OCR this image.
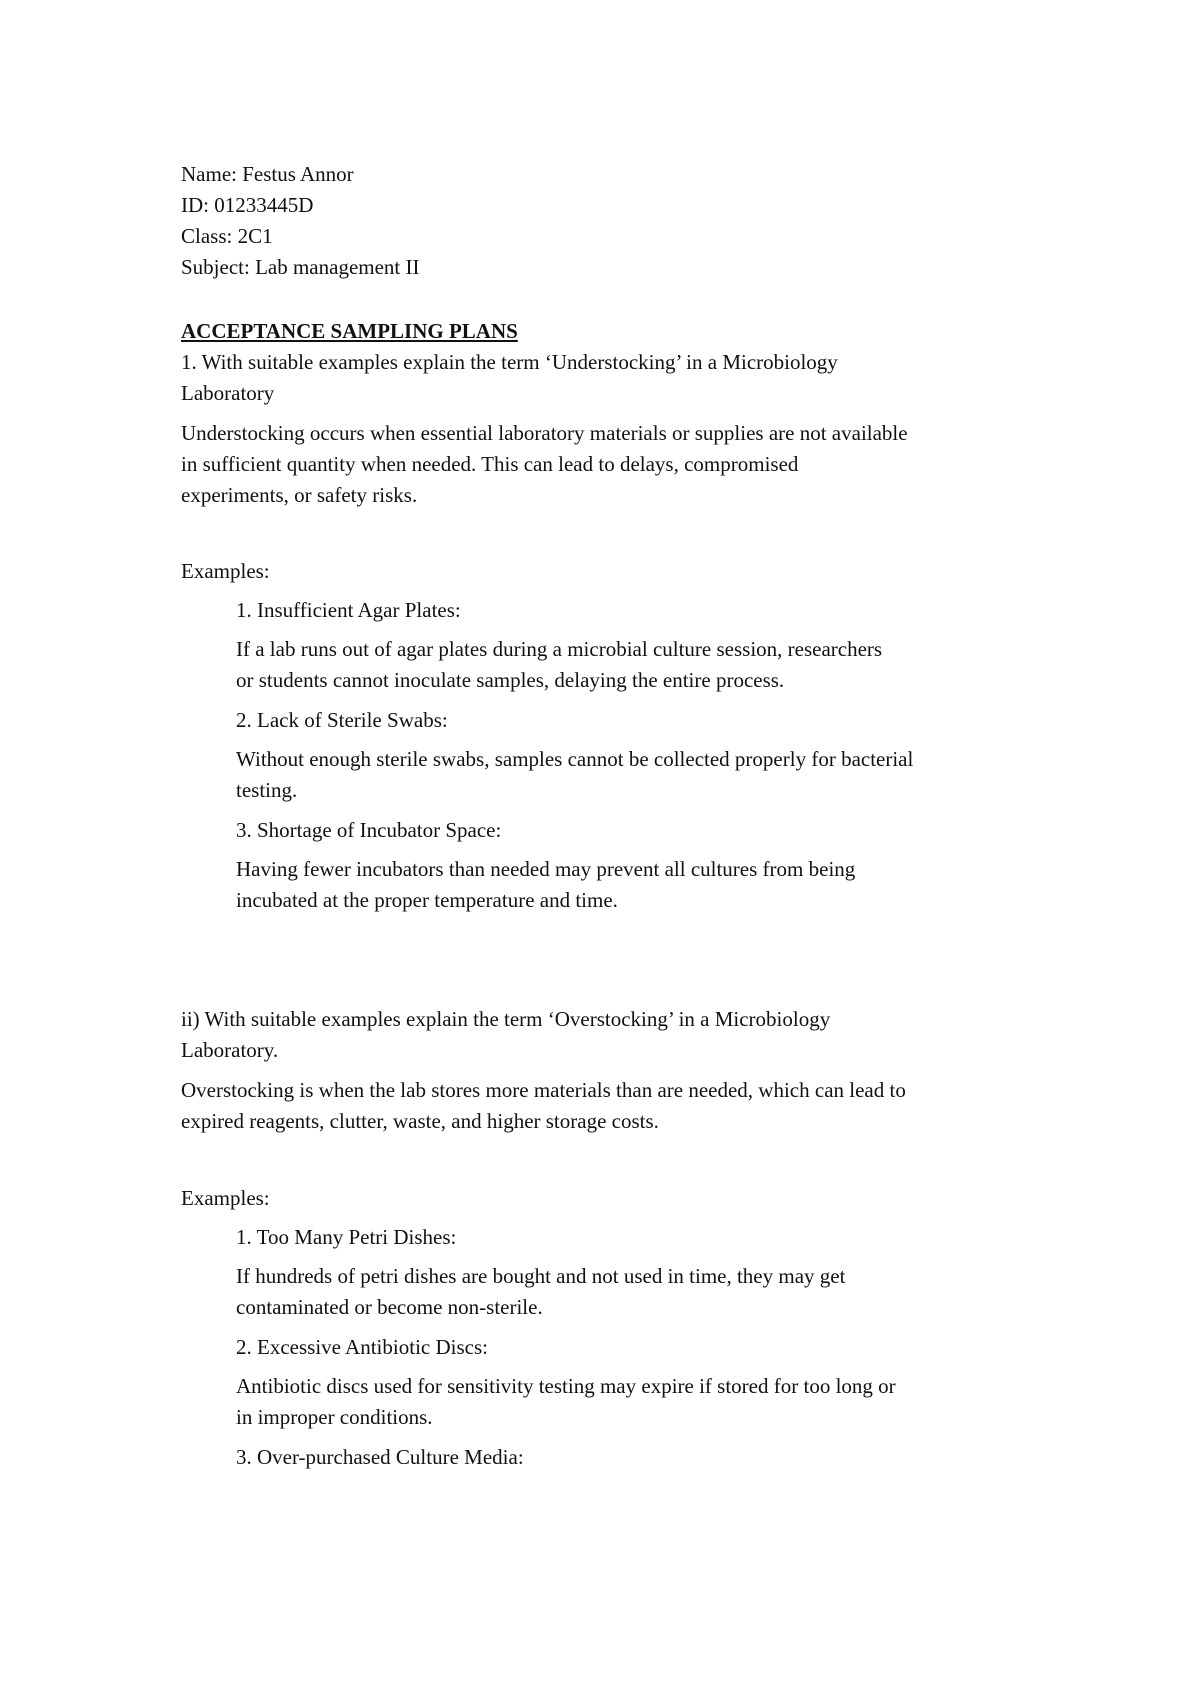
Name: Festus Annor

ID: 01233445D

Class: 2C1

Subject: Lab management II

ACCEPTANCE SAMPLING PLANS

1. With suitable examples explain the term ‘Understocking’ in a Microbiology

Laboratory

Understocking occurs when essential laboratory materials or supplies are not available

in sufficient quantity when needed. This can lead to delays, compromised

experiments, or safety risks.

Examples:

1. Insufficient Agar Plates:

If a lab runs out of agar plates during a microbial culture session, researchers

or students cannot inoculate samples, delaying the entire process.

2. Lack of Sterile Swabs:

Without enough sterile swabs, samples cannot be collected properly for bacterial

testing.

3. Shortage of Incubator Space:

Having fewer incubators than needed may prevent all cultures from being

incubated at the proper temperature and time.

ii) With suitable examples explain the term ‘Overstocking’ in a Microbiology

Laboratory.

Overstocking is when the lab stores more materials than are needed, which can lead to

expired reagents, clutter, waste, and higher storage costs.

Examples:

1. Too Many Petri Dishes:

If hundreds of petri dishes are bought and not used in time, they may get

contaminated or become non-sterile.

2. Excessive Antibiotic Discs:

Antibiotic discs used for sensitivity testing may expire if stored for too long or

in improper conditions.

3. Over-purchased Culture Media:
